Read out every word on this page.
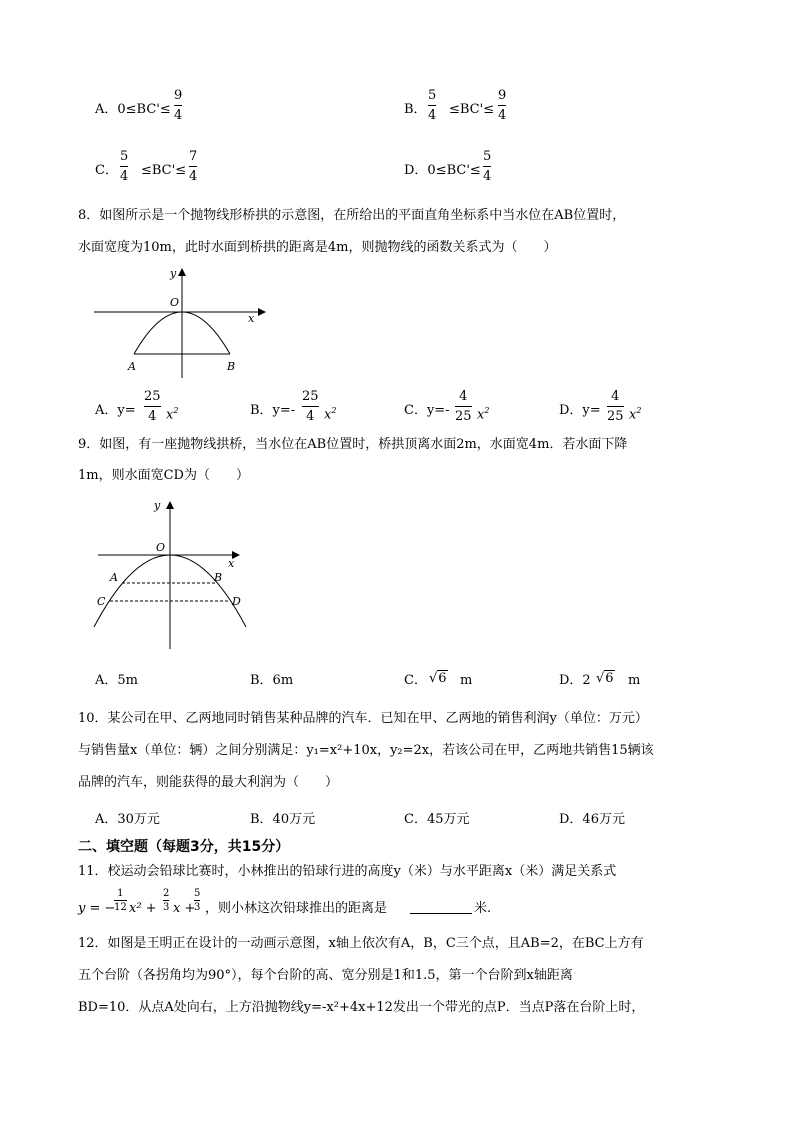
A．0≤BC'≤
9
4	B．
5
4 ≤BC'≤
9
4
C．
5
4 ≤BC'≤
7
4	D．0≤BC'≤
5
4
8．如图所示是一个抛物线形桥拱的示意图，在所给出的平面直角坐标系中当水位在AB位置时，
水面宽度为10m，此时水面到桥拱的距离是4m，则抛物线的函数关系式为（　　）
y
x
O
A	B
A．y=
25
4 $x^2$	B．y=-
25
4 $x^2$	C．y=-
4
25 $x^2$	D．y=
4
25 $x^2$
9．如图，有一座抛物线拱桥，当水位在AB位置时，桥拱顶离水面2m，水面宽4m．若水面下降
1m，则水面宽CD为（　　）
y
x
O
A	B
C	D
A．5m	B．6m	C． √6 m	D．2 √6 m
10．某公司在甲、乙两地同时销售某种品牌的汽车．已知在甲、乙两地的销售利润y（单位：万元）
与销售量x（单位：辆）之间分别满足：y₁=x²+10x，y₂=2x，若该公司在甲，乙两地共销售15辆该
品牌的汽车，则能获得的最大利润为（　　）
A．30万元	B．40万元	C．45万元	D．46万元
二、填空题（每题3分，共15分）
11．校运动会铅球比赛时，小林推出的铅球行进的高度y（米）与水平距离x（米）满足关系式
y = −
1
12 x² +
2
3 x +
5
3 ，则小林这次铅球推出的距离是	米.
12．如图是王明正在设计的一动画示意图，x轴上依次有A，B，C三个点，且AB=2，在BC上方有
五个台阶（各拐角均为90°），每个台阶的高、宽分别是1和1.5，第一个台阶到x轴距离
BD=10．从点A处向右，上方沿抛物线y=-x²+4x+12发出一个带光的点P．当点P落在台阶上时，
